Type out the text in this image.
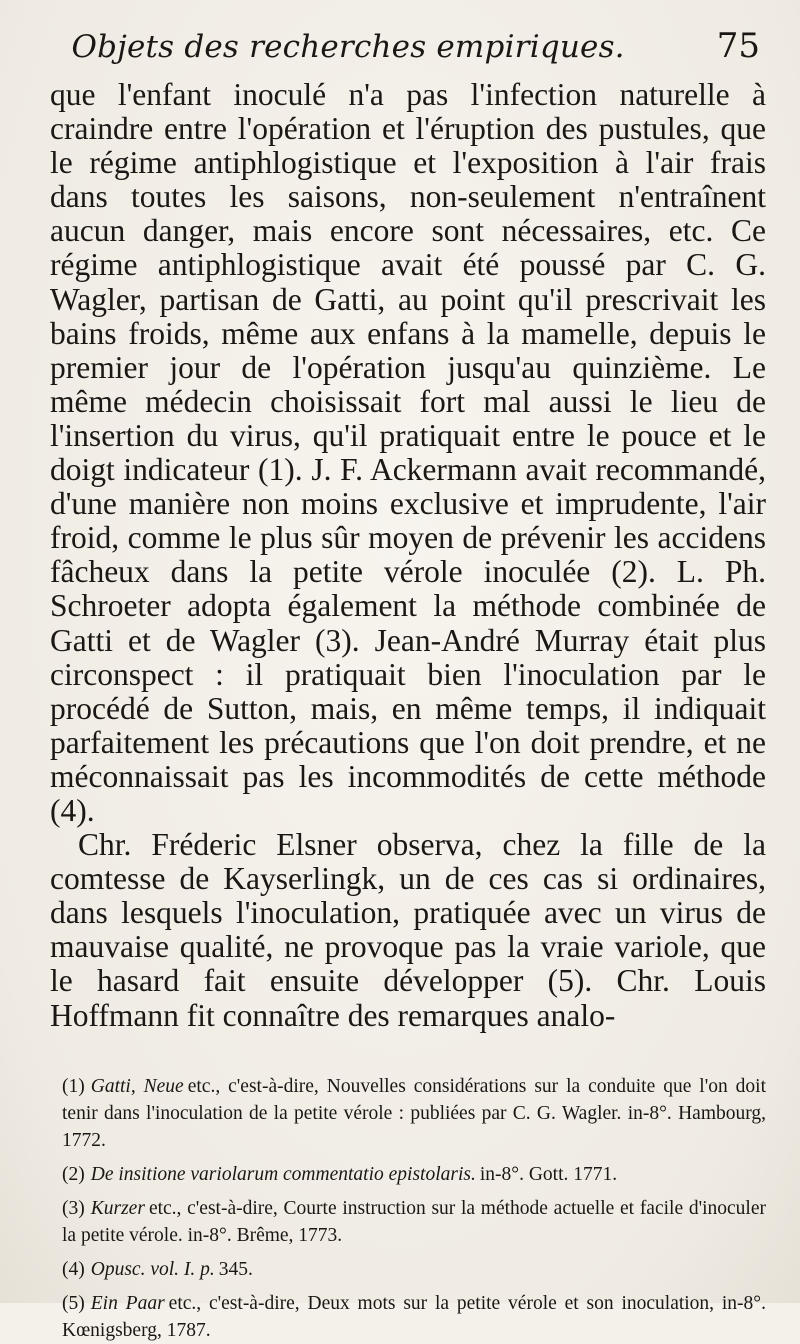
Objets des recherches empiriques.	75

que l'enfant inoculé n'a pas l'infection naturelle à craindre entre l'opération et l'éruption des pustules, que le régime antiphlogistique et l'exposition à l'air frais dans toutes les saisons, non-seulement n'entraînent aucun danger, mais encore sont nécessaires, etc. Ce régime antiphlogistique avait été poussé par C. G. Wagler, partisan de Gatti, au point qu'il prescrivait les bains froids, même aux enfans à la mamelle, depuis le premier jour de l'opération jusqu'au quinzième. Le même médecin choisissait fort mal aussi le lieu de l'insertion du virus, qu'il pratiquait entre le pouce et le doigt indicateur (1). J. F. Ackermann avait recommandé, d'une manière non moins exclusive et imprudente, l'air froid, comme le plus sûr moyen de prévenir les accidens fâcheux dans la petite vérole inoculée (2). L. Ph. Schroeter adopta également la méthode combinée de Gatti et de Wagler (3). Jean-André Murray était plus circonspect : il pratiquait bien l'inoculation par le procédé de Sutton, mais, en même temps, il indiquait parfaitement les précautions que l'on doit prendre, et ne méconnaissait pas les incommodités de cette méthode (4).

Chr. Fréderic Elsner observa, chez la fille de la comtesse de Kayserlingk, un de ces cas si ordinaires, dans lesquels l'inoculation, pratiquée avec un virus de mauvaise qualité, ne provoque pas la vraie variole, que le hasard fait ensuite développer (5). Chr. Louis Hoffmann fit connaître des remarques analo-

(1) Gatti, Neue etc., c'est-à-dire, Nouvelles considérations sur la conduite que l'on doit tenir dans l'inoculation de la petite vérole : publiées par C. G. Wagler. in-8°. Hambourg, 1772.

(2) De insitione variolarum commentatio epistolaris. in-8°. Gott. 1771.

(3) Kurzer etc., c'est-à-dire, Courte instruction sur la méthode actuelle et facile d'inoculer la petite vérole. in-8°. Brême, 1773.

(4) Opusc. vol. I. p. 345.

(5) Ein Paar etc., c'est-à-dire, Deux mots sur la petite vérole et son inoculation, in-8°. Kœnigsberg, 1787.
